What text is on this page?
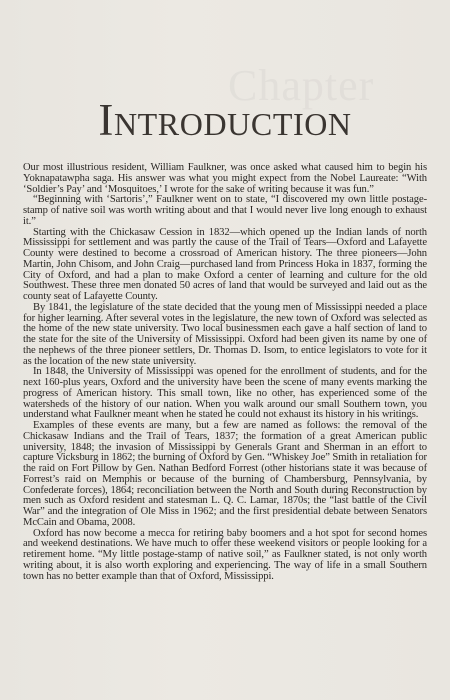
Chapter
Introduction

Our most illustrious resident, William Faulkner, was once asked what caused him to begin his Yoknapatawpha saga. His answer was what you might expect from the Nobel Laureate: “With ‘Soldier’s Pay’ and ‘Mosquitoes,’ I wrote for the sake of writing because it was fun.”

“Beginning with ‘Sartoris’,” Faulkner went on to state, “I discovered my own little postage-stamp of native soil was worth writing about and that I would never live long enough to exhaust it.”

Starting with the Chickasaw Cession in 1832—which opened up the Indian lands of north Mississippi for settlement and was partly the cause of the Trail of Tears—Oxford and Lafayette County were destined to become a crossroad of American history. The three pioneers—John Martin, John Chisom, and John Craig—purchased land from Princess Hoka in 1837, forming the City of Oxford, and had a plan to make Oxford a center of learning and culture for the old Southwest. These three men donated 50 acres of land that would be surveyed and laid out as the county seat of Lafayette County.

By 1841, the legislature of the state decided that the young men of Mississippi needed a place for higher learning. After several votes in the legislature, the new town of Oxford was selected as the home of the new state university. Two local businessmen each gave a half section of land to the state for the site of the University of Mississippi. Oxford had been given its name by one of the nephews of the three pioneer settlers, Dr. Thomas D. Isom, to entice legislators to vote for it as the location of the new state university.

In 1848, the University of Mississippi was opened for the enrollment of students, and for the next 160-plus years, Oxford and the university have been the scene of many events marking the progress of American history. This small town, like no other, has experienced some of the watersheds of the history of our nation. When you walk around our small Southern town, you understand what Faulkner meant when he stated he could not exhaust its history in his writings.

Examples of these events are many, but a few are named as follows: the removal of the Chickasaw Indians and the Trail of Tears, 1837; the formation of a great American public university, 1848; the invasion of Mississippi by Generals Grant and Sherman in an effort to capture Vicksburg in 1862; the burning of Oxford by Gen. “Whiskey Joe” Smith in retaliation for the raid on Fort Pillow by Gen. Nathan Bedford Forrest (other historians state it was because of Forrest’s raid on Memphis or because of the burning of Chambersburg, Pennsylvania, by Confederate forces), 1864; reconciliation between the North and South during Reconstruction by men such as Oxford resident and statesman L. Q. C. Lamar, 1870s; the “last battle of the Civil War” and the integration of Ole Miss in 1962; and the first presidential debate between Senators McCain and Obama, 2008.

Oxford has now become a mecca for retiring baby boomers and a hot spot for second homes and weekend destinations. We have much to offer these weekend visitors or people looking for a retirement home. “My little postage-stamp of native soil,” as Faulkner stated, is not only worth writing about, it is also worth exploring and experiencing. The way of life in a small Southern town has no better example than that of Oxford, Mississippi.
